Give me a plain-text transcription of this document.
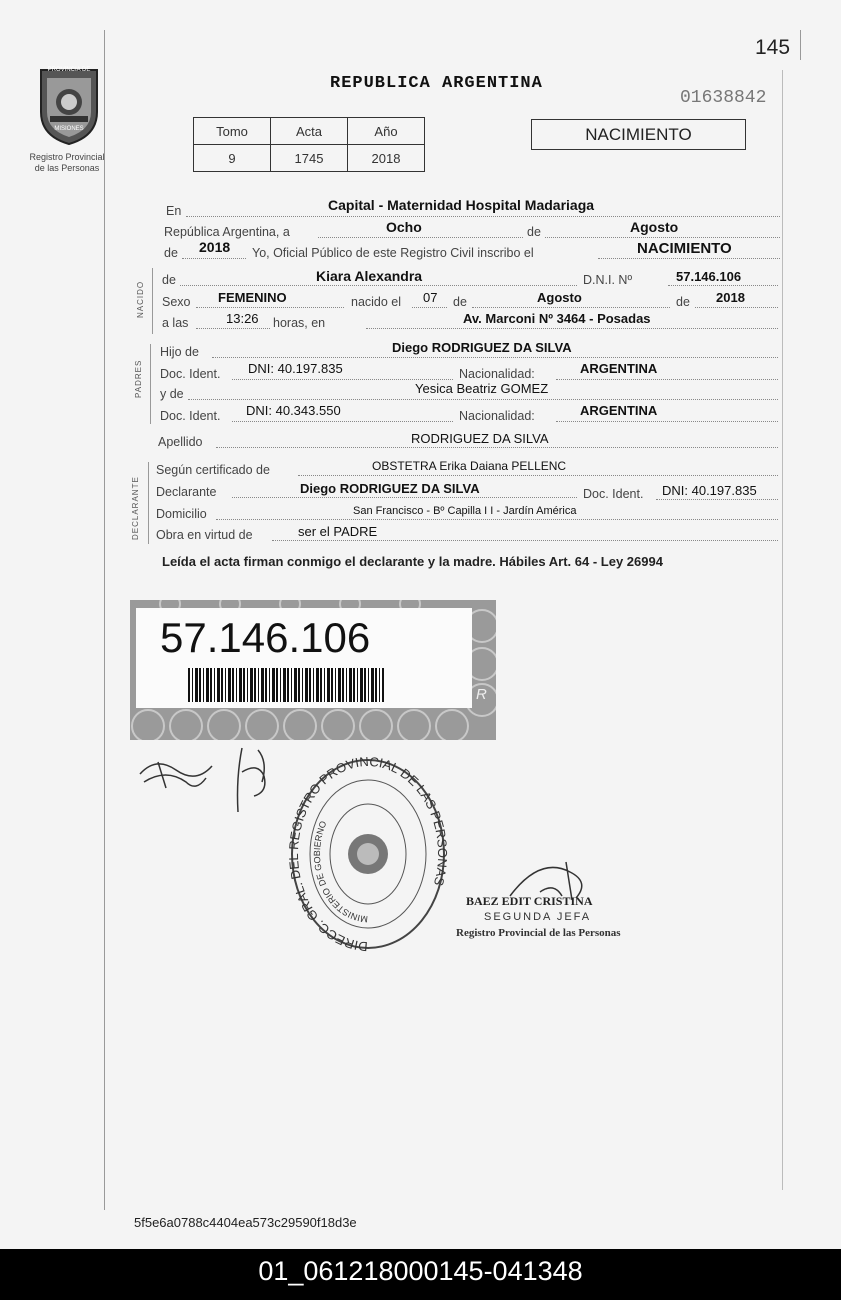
PROVINCIA DE
MISIONES
Registro Provincial
de las Personas
145
REPUBLICA ARGENTINA
01638842
NACIMIENTO
Tomo	Acta	Año
9	1745	2018
En	Capital - Maternidad Hospital Madariaga
República Argentina, a	Ocho	de	Agosto
de 2018 Yo, Oficial Público de este Registro Civil inscribo el	NACIMIENTO
NACIDO
de	Kiara Alexandra	D.N.I. Nº	57.146.106
Sexo FEMENINO	nacido el 07 de	Agosto	de 2018
a las	13:26 horas, en	Av. Marconi Nº 3464 - Posadas
PADRES
Hijo de	Diego RODRIGUEZ DA SILVA
Doc. Ident. DNI: 40.197.835	Nacionalidad:	ARGENTINA
y de	Yesica Beatriz GOMEZ
Doc. Ident. DNI: 40.343.550	Nacionalidad:	ARGENTINA
Apellido	RODRIGUEZ DA SILVA
DECLARANTE
Según certificado de	OBSTETRA Erika Daiana PELLENC
Declarante	Diego RODRIGUEZ DA SILVA	Doc. Ident. DNI: 40.197.835
Domicilio	San Francisco - Bº Capilla I I - Jardín América
Obra en virtud de	ser el PADRE
Leída el acta firman conmigo el declarante y la madre. Hábiles Art. 64 - Ley 26994
57.146.106
R
DIRECC. GRAL. D EGISTRO PROVINCIAL DE LAS PER AS
MINISTERIO DE GOBIERNO
BAEZ EDIT CRISTINA
SEGUNDA JEFA
Registro Provincial de las Personas
5f5e6a0788c4404ea573c29590f18d3e
01_061218000145-041348
